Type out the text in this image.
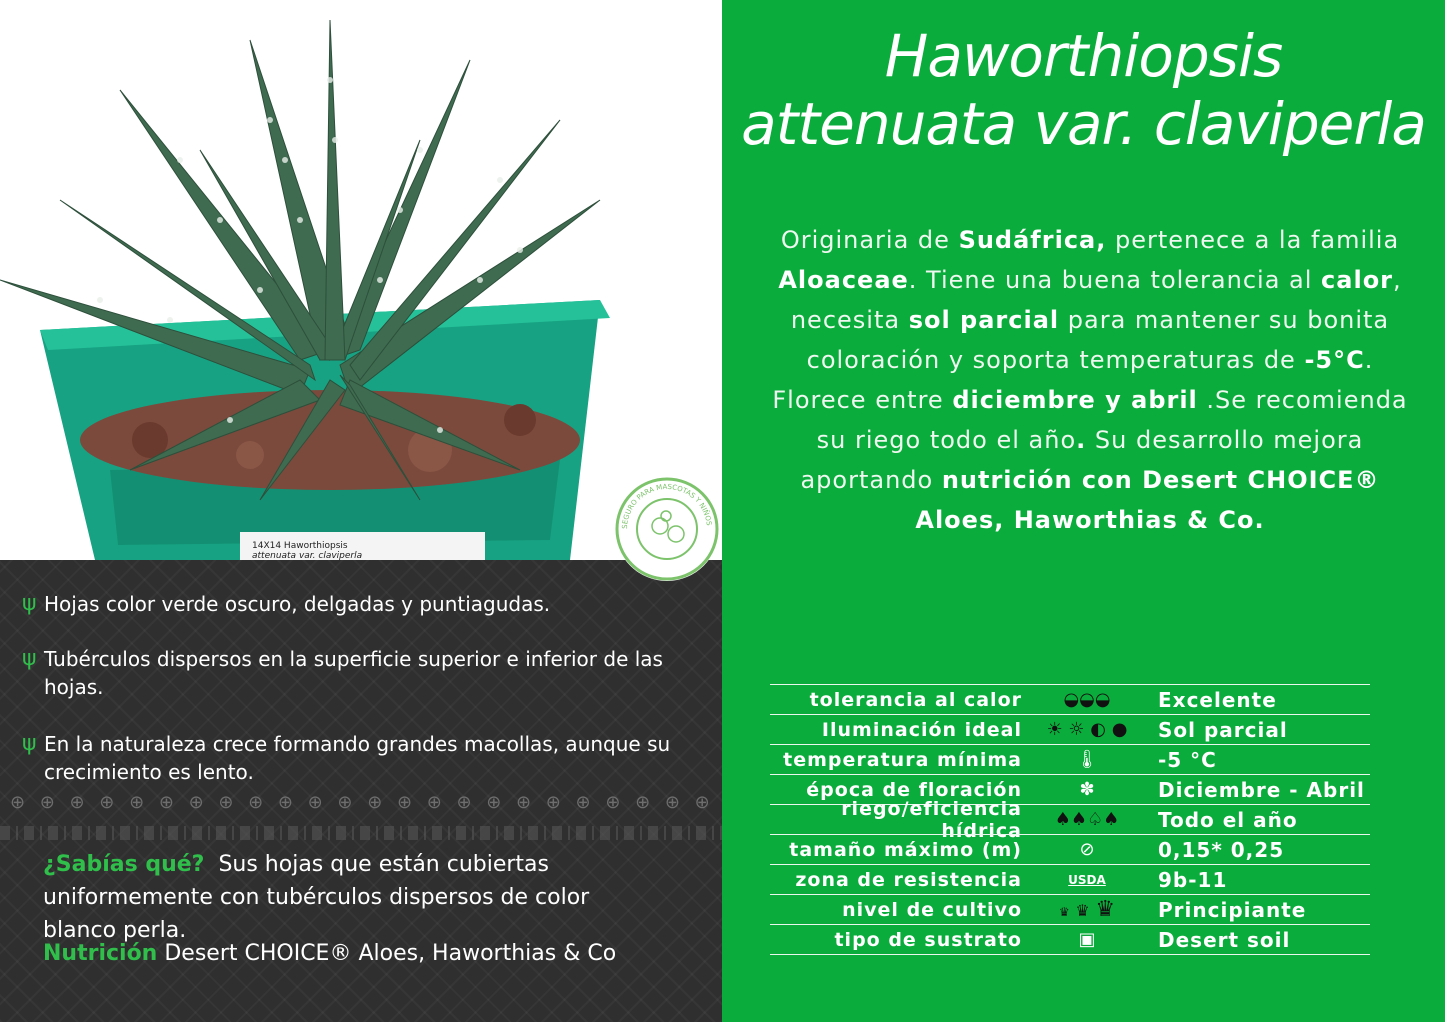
14X14 Haworthiopsis
attenuata var. claviperla
ψ Hojas color verde oscuro, delgadas y puntiagudas.
ψ Tubérculos dispersos en la superficie superior e inferior de las hojas.
ψ En la naturaleza crece formando grandes macollas, aunque su crecimiento es lento.
⊕ ⊕ ⊕ ⊕ ⊕ ⊕ ⊕ ⊕ ⊕ ⊕ ⊕ ⊕ ⊕ ⊕ ⊕ ⊕ ⊕ ⊕ ⊕ ⊕ ⊕ ⊕ ⊕ ⊕
¿Sabías qué? Sus hojas que están cubiertas uniformemente con tubérculos dispersos de color blanco perla.
Nutrición Desert CHOICE® Aloes, Haworthias & Co
SEGURO PARA MASCOTAS Y NIÑOS
Haworthiopsis
attenuata var. claviperla
Originaria de Sudáfrica, pertenece a la familia Aloaceae. Tiene una buena tolerancia al calor, necesita sol parcial para mantener su bonita coloración y soporta temperaturas de -5°C. Florece entre diciembre y abril .Se recomienda su riego todo el año. Su desarrollo mejora aportando nutrición con Desert CHOICE® Aloes, Haworthias & Co.
tolerancia al calor	◒◒◒	Excelente
Iluminación ideal	☀ ☼ ◐ ●	Sol parcial
temperatura mínima	🌡	-5 °C
época de floración	✽	Diciembre - Abril
riego/eficiencia hídrica	♠♠♤♠	Todo el año
tamaño máximo (m)	⊘	0,15* 0,25
zona de resistencia	USDA	9b-11
nivel de cultivo	♛ ♛ ♛	Principiante
tipo de sustrato	▣	Desert soil
